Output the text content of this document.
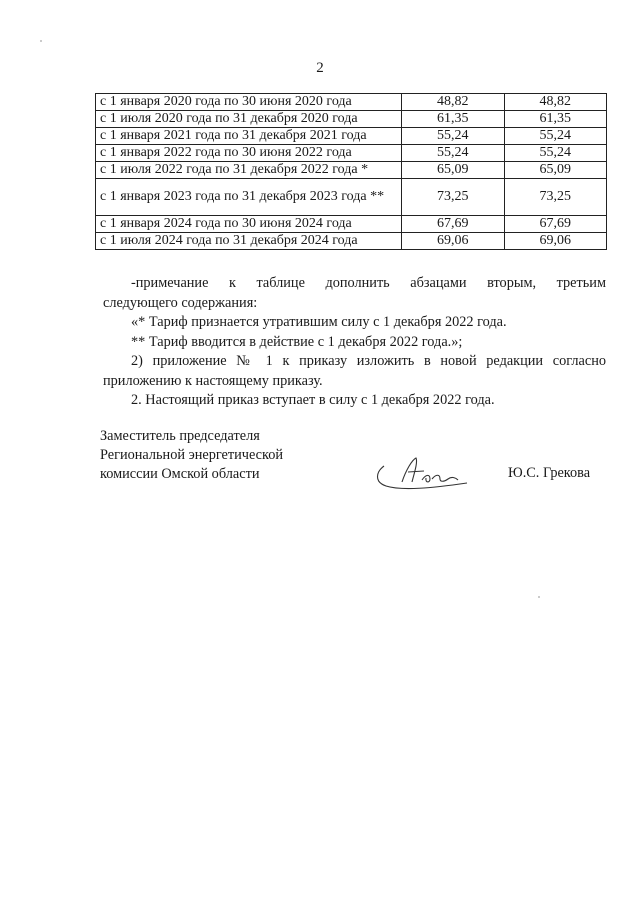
2
с 1 января 2020 года по 30 июня 2020 года	48,82	48,82
с 1 июля 2020 года по 31 декабря 2020 года	61,35	61,35
с 1 января 2021 года по 31 декабря 2021 года	55,24	55,24
с 1 января 2022 года по 30 июня 2022 года	55,24	55,24
с 1 июля 2022 года по 31 декабря 2022 года *	65,09	65,09
с 1 января 2023 года по 31 декабря 2023 года **	73,25	73,25
с 1 января 2024 года по 30 июня 2024 года	67,69	67,69
с 1 июля 2024 года по 31 декабря 2024 года	69,06	69,06

-примечание к таблице дополнить абзацами вторым, третьим

следующего содержания:

«* Тариф признается утратившим силу с 1 декабря 2022 года.

** Тариф вводится в действие с 1 декабря 2022 года.»;

2) приложение № 1 к приказу изложить в новой редакции согласно

приложению к настоящему приказу.

2. Настоящий приказ вступает в силу с 1 декабря 2022 года.

Заместитель председателя
Региональной энергетической
комиссии Омской области	Ю.С. Грекова
